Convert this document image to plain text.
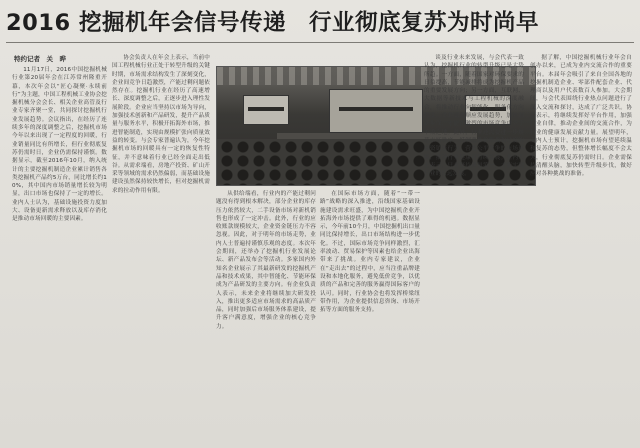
2016 挖掘机年会信号传递　行业彻底复苏为时尚早
特约记者　关　晔

11月17日，2016中国挖掘机械行业第20届年会在江苏常州隆重开幕，本次年会以“匠心凝聚·永续前行”为主题，中国工程机械工业协会挖掘机械分会会长、相关企业高管及行业专家齐聚一堂，共同探讨挖掘机行业发展趋势。会议指出，在经历了连续多年的深度调整之后，挖掘机市场今年以来出现了一定程度的回暖，行业销量同比有所增长，但行业彻底复苏仍需时日，企业仍需保持谨慎。数据显示，截至2016年10月，纳入统计的主要挖掘机制造企业累计销售各类挖掘机产品约5万台，同比增长约10%，其中国内市场销量增长较为明显，出口市场也保持了一定的增长。业内人士认为，基础设施投资力度加大、设备更新需求释放以及库存消化是推动市场回暖的主要因素。

协会负责人在年会上表示，当前中国工程机械行业正处于转型升级的关键时期，市场需求结构发生了深刻变化，企业间竞争日趋激烈，产能过剩问题依然存在。挖掘机行业在经历了高速增长、深度调整之后，正逐步进入理性发展阶段。企业应当坚持以市场为导向，加强技术创新和产品研发，提升产品质量与服务水平，积极开拓海外市场，推进智能制造，实现由规模扩张向质量效益的转变。与会专家普遍认为，今年挖掘机市场的回暖具有一定的恢复性特征，并不意味着行业已经全面走出低谷。从需求端看，房地产投资、矿山开采等领域的需求仍然偏弱，而基础设施建设虽然保持较快增长，但对挖掘机需求的拉动作用有限。

从供给端看，行业内的产能过剩问题没有得到根本解决，部分企业的库存压力依然较大，二手设备市场对新机销售也形成了一定冲击。此外，行业的应收账款规模较大，企业资金链压力不容忽视。因此，对于明年的市场走势，业内人士普遍持谨慎乐观的态度。本次年会期间，还举办了挖掘机行业发展论坛、新产品发布会等活动。多家国内外知名企业展示了其最新研发的挖掘机产品和技术成果，其中智能化、节能环保成为产品研发的主要方向。有企业负责人表示，未来企业将继续加大研发投入，推出更多适应市场需求的高品质产品，同时加强后市场服务体系建设，提升客户满意度，增强企业的核心竞争力。

在国际市场方面，随着“一带一路”战略的深入推进，沿线国家基础设施建设需求旺盛，为中国挖掘机企业开拓海外市场提供了难得的机遇。数据显示，今年前10个月，中国挖掘机出口量同比保持增长，出口市场结构进一步优化。不过，国际市场竞争同样激烈，汇率波动、贸易保护等因素也给企业出海带来了挑战。业内专家建议，企业在“走出去”的过程中，应当注重品牌建设和本地化服务，避免低价竞争，以优质的产品和完善的服务赢得国际客户的认可。同时，行业协会也将发挥桥梁纽带作用，为企业提供信息咨询、市场开拓等方面的服务支持。

谈及行业未来发展，与会代表一致认为，挖掘机行业的转型升级已是大势所趋。一方面，随着国家对环保要求的日益提高，节能减排将成为挖掘机产品的重要发展方向；另一方面，互联网、大数据等新技术与工程机械的深度融合，将推动行业向智能化、服务化方向转变。企业需要顺应发展趋势，加快创新步伐，才能在激烈的市场竞争中立于不败之地。此外，行业还需要进一步规范市场秩序，抵制恶性价格战和过度的融资销售行为，营造公平竞争的市场环境，推动行业健康可持续发展。业内人士表示，只有坚持质量第一，才能实现行业的长远发展。

据了解，中国挖掘机械行业年会自创办以来，已成为业内交流合作的重要平台。本届年会吸引了来自全国各地的挖掘机制造企业、零部件配套企业、代理商以及用户代表数百人参加。大会期间，与会代表围绕行业热点问题进行了深入交流和探讨，达成了广泛共识。协会表示，将继续发挥好平台作用，加强行业自律，推动企业间的交流合作，为行业的健康发展贡献力量。展望明年，业内人士预计，挖掘机市场有望延续温和复苏的态势，但整体增长幅度不会太大，行业彻底复苏仍需时日。企业需保持清醒头脑，加快转型升级步伐，做好应对各种挑战的准备。
